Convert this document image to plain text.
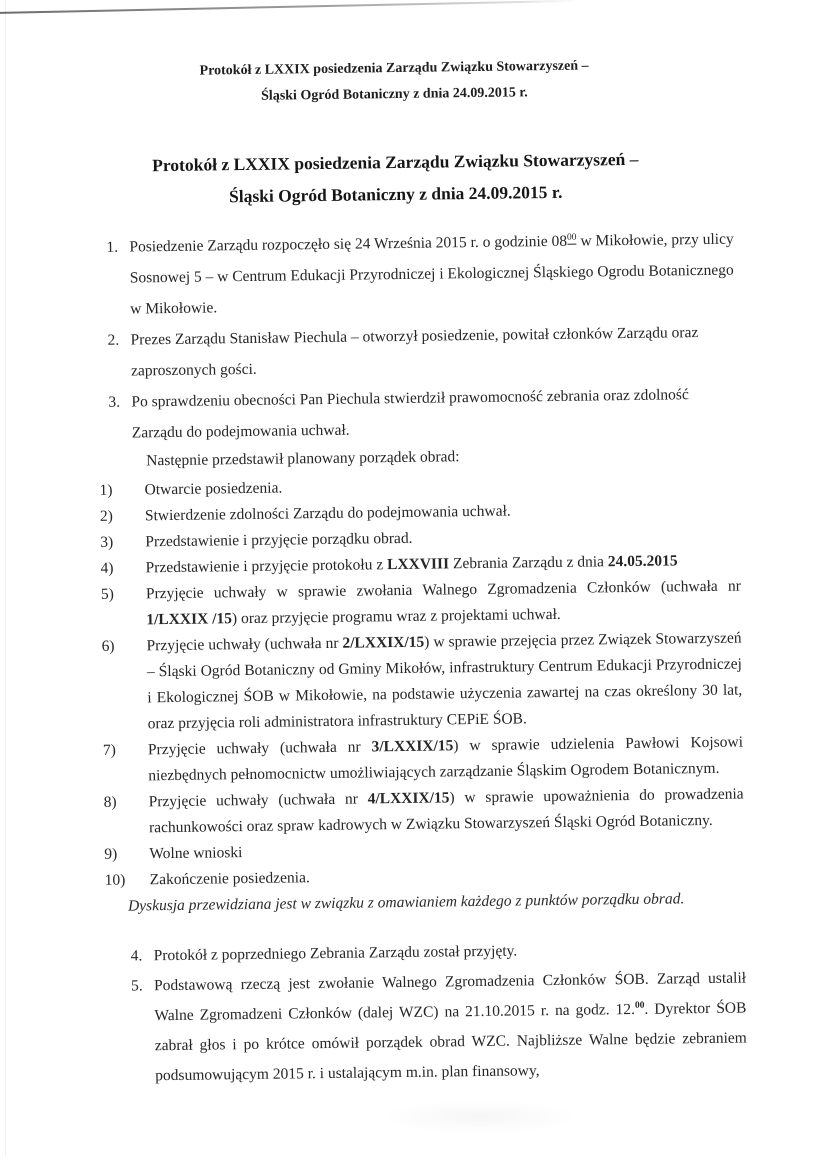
Protokół z LXXIX posiedzenia Zarządu Związku Stowarzyszeń –
Śląski Ogród Botaniczny z dnia 24.09.2015 r.
Protokół z LXXIX posiedzenia Zarządu Związku Stowarzyszeń –
Śląski Ogród Botaniczny z dnia 24.09.2015 r.
1. Posiedzenie Zarządu rozpoczęło się 24 Września 2015 r. o godzinie $08^{00}$ w Mikołowie, przy ulicy Sosnowej 5 – w Centrum Edukacji Przyrodniczej i Ekologicznej Śląskiego Ogrodu Botanicznego w Mikołowie.
2. Prezes Zarządu Stanisław Piechula – otworzył posiedzenie, powitał członków Zarządu oraz zaproszonych gości.
3. Po sprawdzeniu obecności Pan Piechula stwierdził prawomocność zebrania oraz zdolność Zarządu do podejmowania uchwał.
Następnie przedstawił planowany porządek obrad:
1) Otwarcie posiedzenia.
2) Stwierdzenie zdolności Zarządu do podejmowania uchwał.
3) Przedstawienie i przyjęcie porządku obrad.
4) Przedstawienie i przyjęcie protokołu z LXXVIII Zebrania Zarządu z dnia 24.05.2015
5) Przyjęcie uchwały w sprawie zwołania Walnego Zgromadzenia Członków (uchwała nr 1/LXXIX /15) oraz przyjęcie programu wraz z projektami uchwał.
6) Przyjęcie uchwały (uchwała nr 2/LXXIX/15) w sprawie przejęcia przez Związek Stowarzyszeń – Śląski Ogród Botaniczny od Gminy Mikołów, infrastruktury Centrum Edukacji Przyrodniczej i Ekologicznej ŚOB w Mikołowie, na podstawie użyczenia zawartej na czas określony 30 lat, oraz przyjęcia roli administratora infrastruktury CEPiE ŚOB.
7) Przyjęcie uchwały (uchwała nr 3/LXXIX/15) w sprawie udzielenia Pawłowi Kojsowi niezbędnych pełnomocnictw umożliwiających zarządzanie Śląskim Ogrodem Botanicznym.
8) Przyjęcie uchwały (uchwała nr 4/LXXIX/15) w sprawie upoważnienia do prowadzenia rachunkowości oraz spraw kadrowych w Związku Stowarzyszeń Śląski Ogród Botaniczny.
9) Wolne wnioski
10) Zakończenie posiedzenia.
Dyskusja przewidziana jest w związku z omawianiem każdego z punktów porządku obrad.
4. Protokół z poprzedniego Zebrania Zarządu został przyjęty.
5. Podstawową rzeczą jest zwołanie Walnego Zgromadzenia Członków ŚOB. Zarząd ustalił Walne Zgromadzeni Członków (dalej WZC) na 21.10.2015 r. na godz. 12.00. Dyrektor ŚOB zabrał głos i po krótce omówił porządek obrad WZC. Najbliższe Walne będzie zebraniem podsumowującym 2015 r. i ustalającym m.in. plan finansowy,
